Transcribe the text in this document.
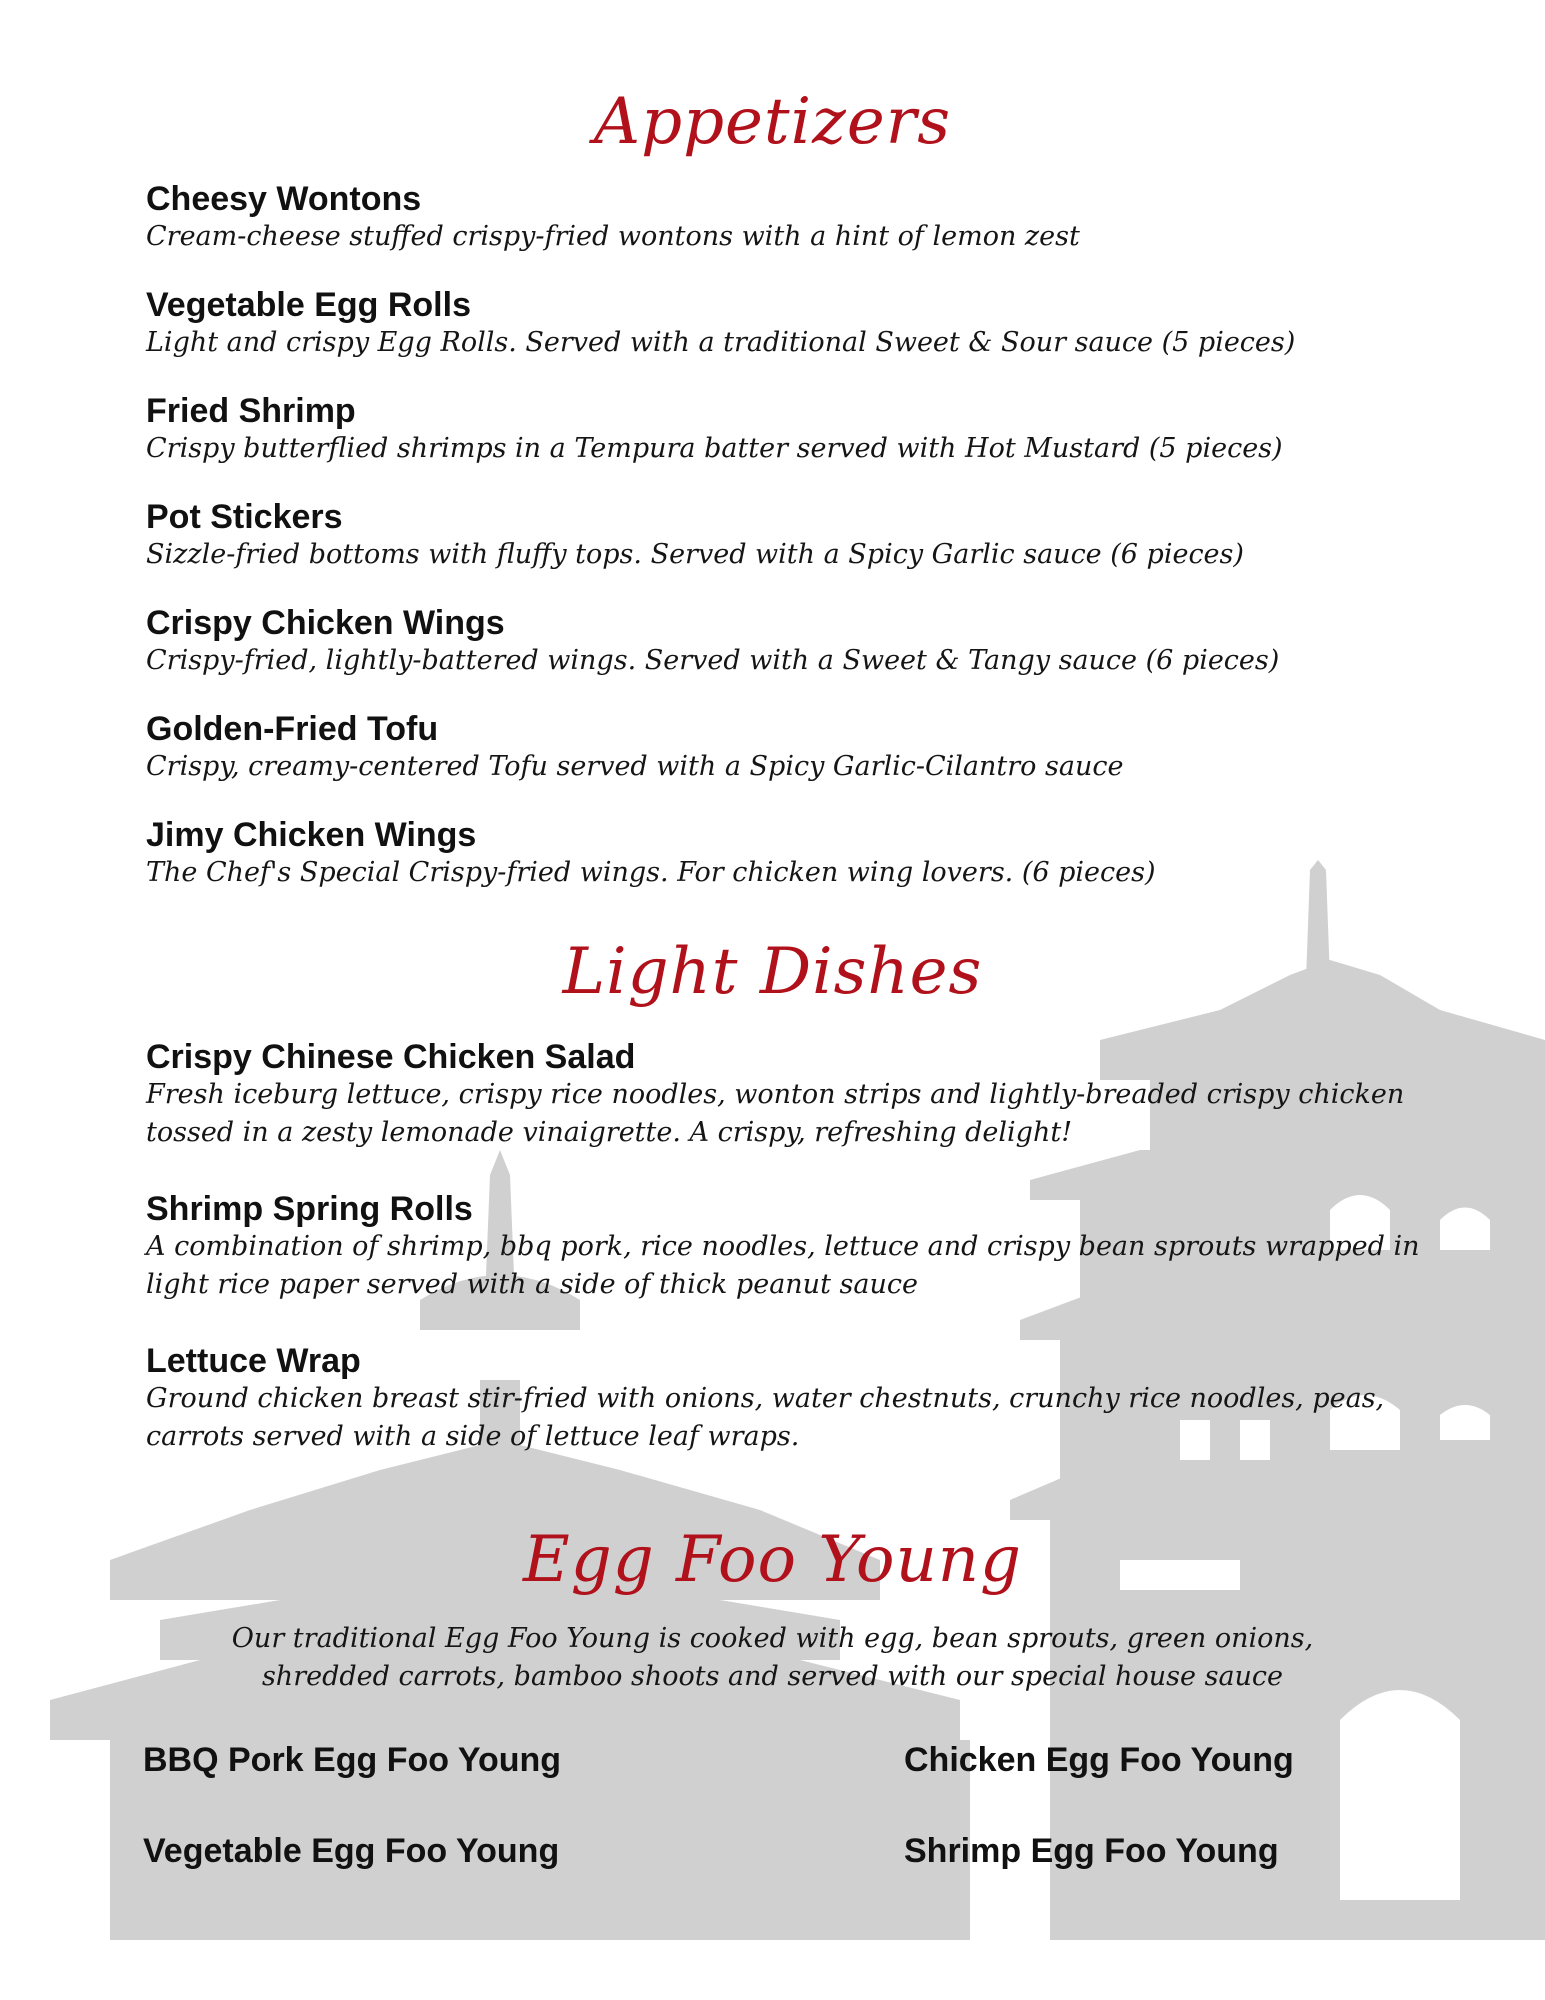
Appetizers

Cheesy Wontons

Cream-cheese stuffed crispy-fried wontons with a hint of lemon zest

Vegetable Egg Rolls

Light and crispy Egg Rolls. Served with a traditional Sweet & Sour sauce (5 pieces)

Fried Shrimp

Crispy butterflied shrimps in a Tempura batter served with Hot Mustard (5 pieces)

Pot Stickers

Sizzle-fried bottoms with fluffy tops. Served with a Spicy Garlic sauce (6 pieces)

Crispy Chicken Wings

Crispy-fried, lightly-battered wings. Served with a Sweet & Tangy sauce (6 pieces)

Golden-Fried Tofu

Crispy, creamy-centered Tofu served with a Spicy Garlic-Cilantro sauce

Jimy Chicken Wings

The Chef's Special Crispy-fried wings. For chicken wing lovers. (6 pieces)

Light Dishes

Crispy Chinese Chicken Salad

Fresh iceburg lettuce, crispy rice noodles, wonton strips and lightly-breaded crispy chicken

tossed in a zesty lemonade vinaigrette. A crispy, refreshing delight!

Shrimp Spring Rolls

A combination of shrimp, bbq pork, rice noodles, lettuce and crispy bean sprouts wrapped in

light rice paper served with a side of thick peanut sauce

Lettuce Wrap

Ground chicken breast stir-fried with onions, water chestnuts, crunchy rice noodles, peas,

carrots served with a side of lettuce leaf wraps.

Egg Foo Young
Our traditional Egg Foo Young is cooked with egg, bean sprouts, green onions,
shredded carrots, bamboo shoots and served with our special house sauce
BBQ Pork Egg Foo Young	Chicken Egg Foo Young
Vegetable Egg Foo Young	Shrimp Egg Foo Young
